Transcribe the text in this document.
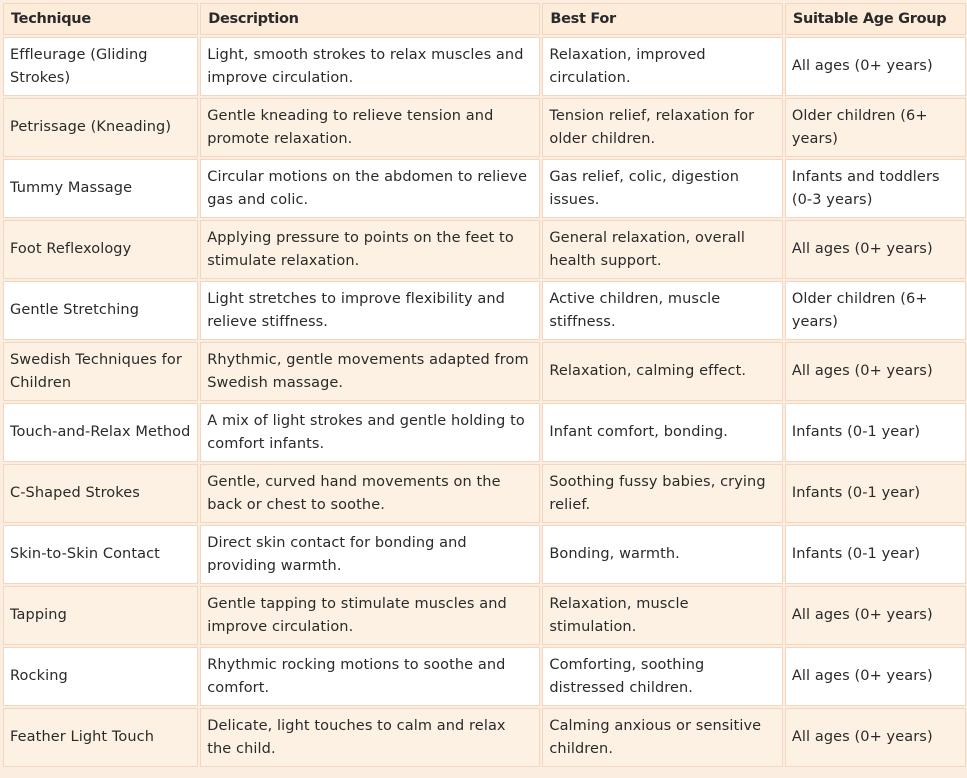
Technique	Description	Best For	Suitable Age Group
Effleurage (Gliding Strokes)	Light, smooth strokes to relax muscles and improve circulation.	Relaxation, improved circulation.	All ages (0+ years)
Petrissage (Kneading)	Gentle kneading to relieve tension and promote relaxation.	Tension relief, relaxation for older children.	Older children (6+ years)
Tummy Massage	Circular motions on the abdomen to relieve gas and colic.	Gas relief, colic, digestion issues.	Infants and toddlers (0-3 years)
Foot Reflexology	Applying pressure to points on the feet to stimulate relaxation.	General relaxation, overall health support.	All ages (0+ years)
Gentle Stretching	Light stretches to improve flexibility and relieve stiffness.	Active children, muscle stiffness.	Older children (6+ years)
Swedish Techniques for Children	Rhythmic, gentle movements adapted from Swedish massage.	Relaxation, calming effect.	All ages (0+ years)
Touch-and-Relax Method	A mix of light strokes and gentle holding to comfort infants.	Infant comfort, bonding.	Infants (0-1 year)
C-Shaped Strokes	Gentle, curved hand movements on the back or chest to soothe.	Soothing fussy babies, crying relief.	Infants (0-1 year)
Skin-to-Skin Contact	Direct skin contact for bonding and providing warmth.	Bonding, warmth.	Infants (0-1 year)
Tapping	Gentle tapping to stimulate muscles and improve circulation.	Relaxation, muscle stimulation.	All ages (0+ years)
Rocking	Rhythmic rocking motions to soothe and comfort.	Comforting, soothing distressed children.	All ages (0+ years)
Feather Light Touch	Delicate, light touches to calm and relax the child.	Calming anxious or sensitive children.	All ages (0+ years)
